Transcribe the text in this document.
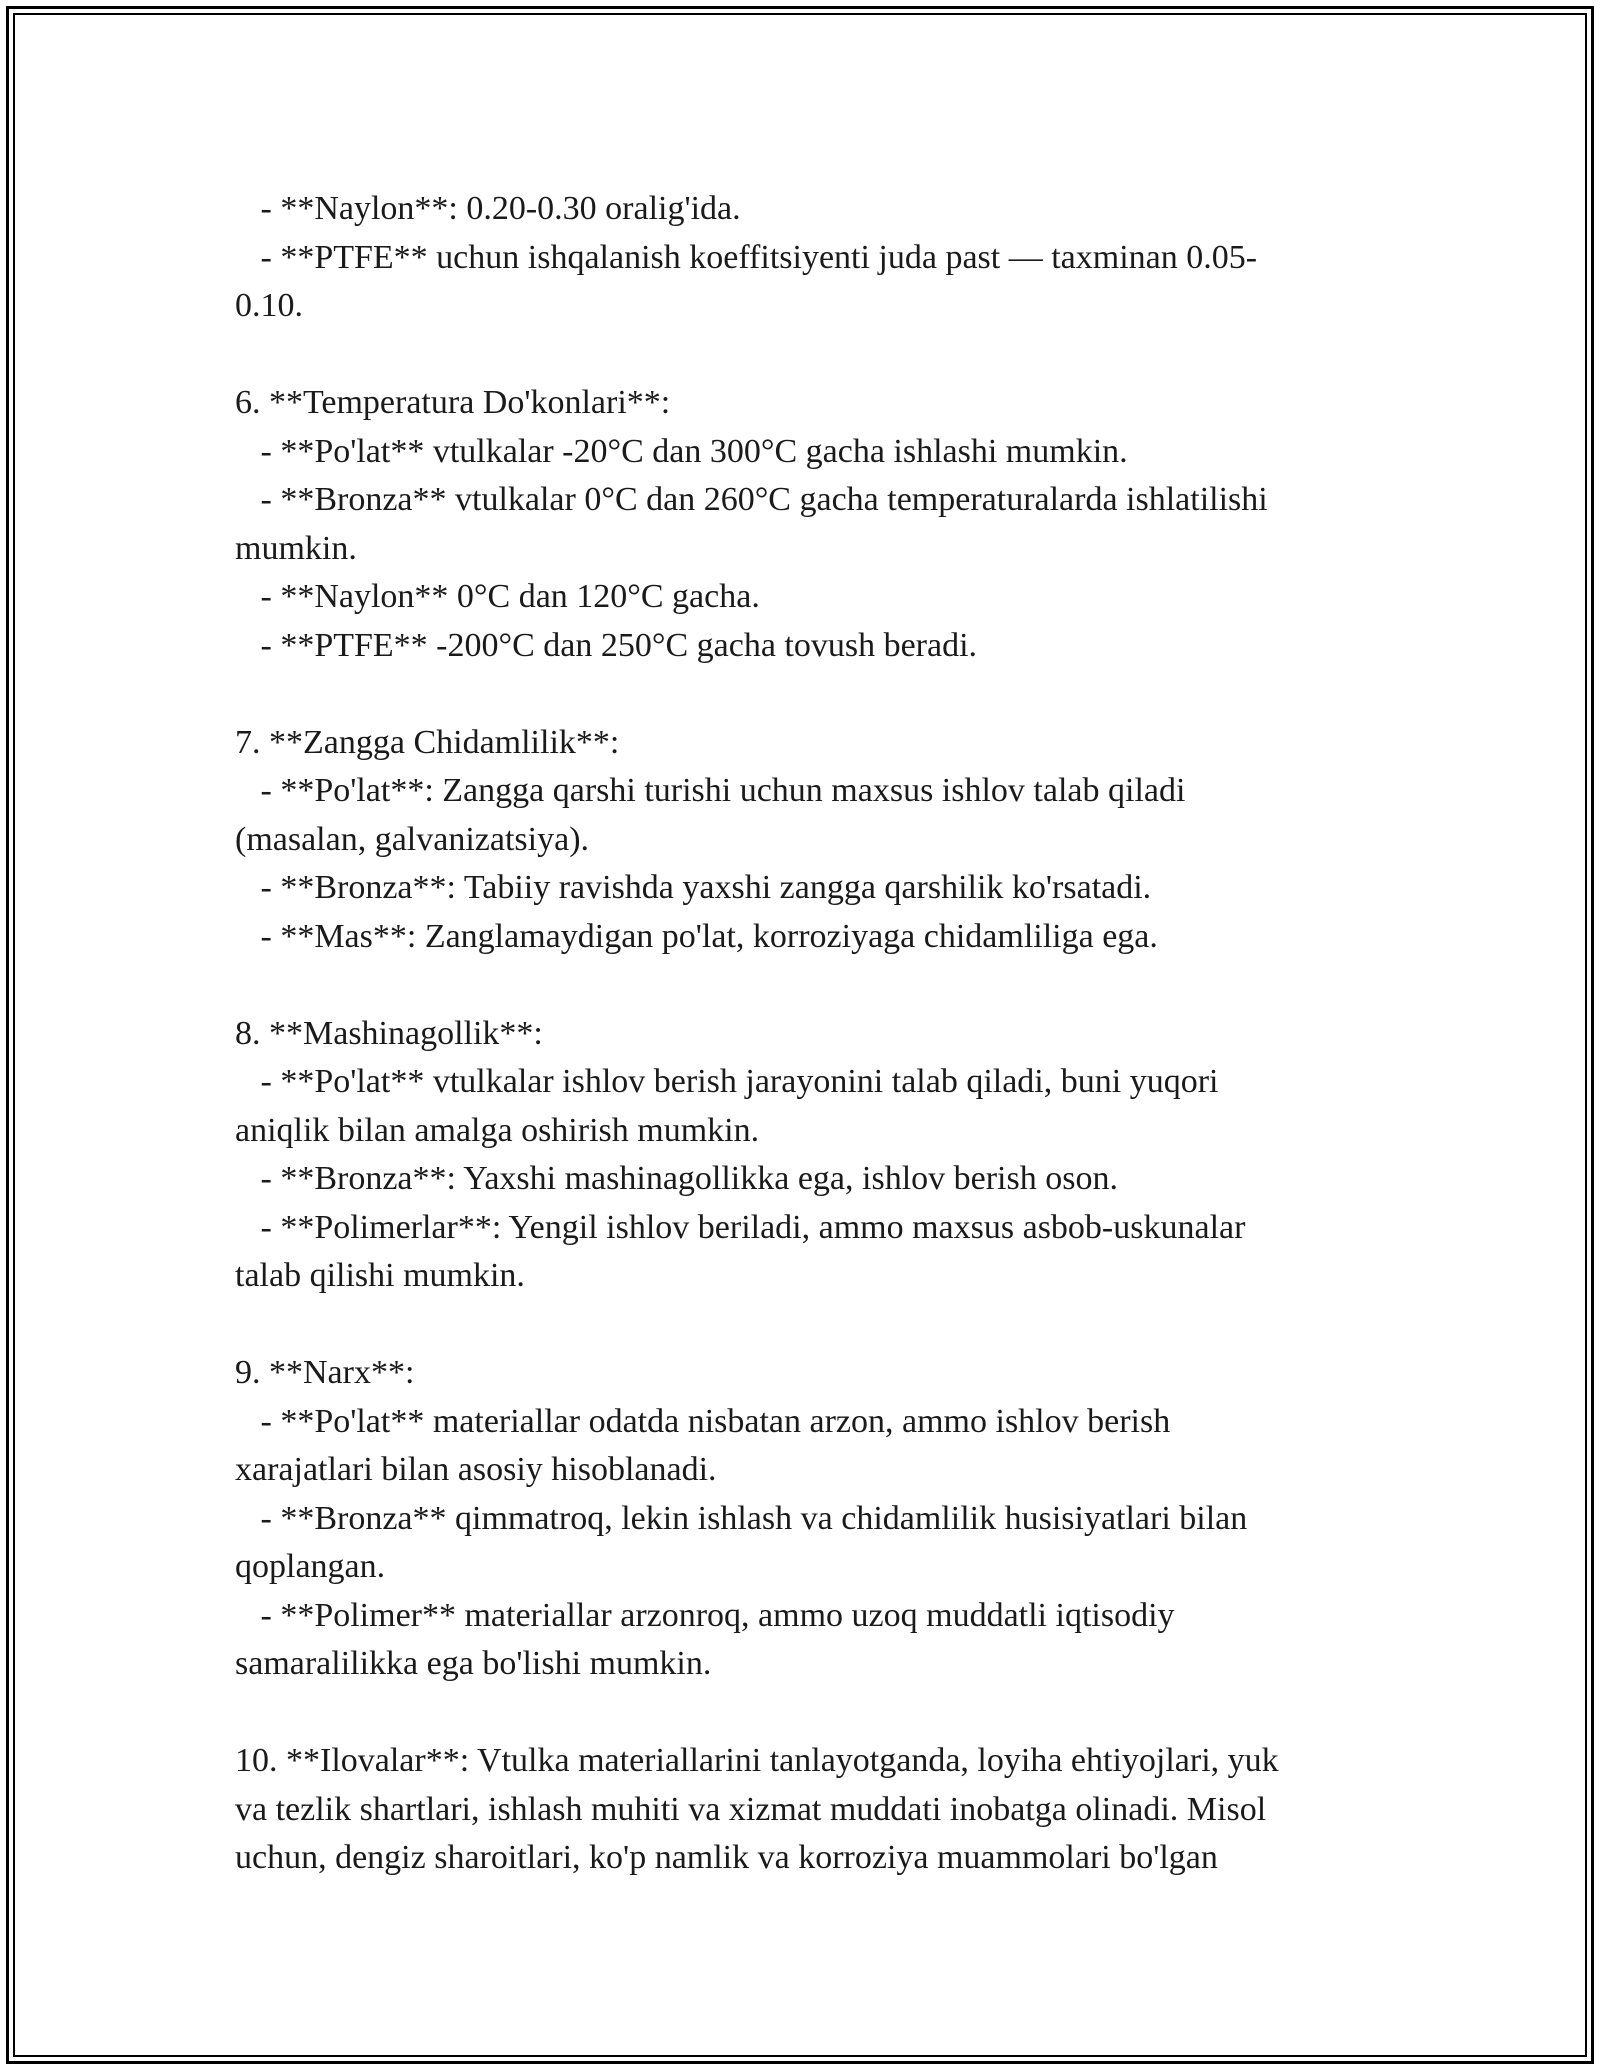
- **Naylon**: 0.20-0.30 oralig'ida.
- **PTFE** uchun ishqalanish koeffitsiyenti juda past — taxminan 0.05-
0.10.
6. **Temperatura Do'konlari**:
- **Po'lat** vtulkalar -20°C dan 300°C gacha ishlashi mumkin.
- **Bronza** vtulkalar 0°C dan 260°C gacha temperaturalarda ishlatilishi
mumkin.
- **Naylon** 0°C dan 120°C gacha.
- **PTFE** -200°C dan 250°C gacha tovush beradi.
7. **Zangga Chidamlilik**:
- **Po'lat**: Zangga qarshi turishi uchun maxsus ishlov talab qiladi
(masalan, galvanizatsiya).
- **Bronza**: Tabiiy ravishda yaxshi zangga qarshilik ko'rsatadi.
- **Mas**: Zanglamaydigan po'lat, korroziyaga chidamliliga ega.
8. **Mashinagollik**:
- **Po'lat** vtulkalar ishlov berish jarayonini talab qiladi, buni yuqori
aniqlik bilan amalga oshirish mumkin.
- **Bronza**: Yaxshi mashinagollikka ega, ishlov berish oson.
- **Polimerlar**: Yengil ishlov beriladi, ammo maxsus asbob-uskunalar
talab qilishi mumkin.
9. **Narx**:
- **Po'lat** materiallar odatda nisbatan arzon, ammo ishlov berish
xarajatlari bilan asosiy hisoblanadi.
- **Bronza** qimmatroq, lekin ishlash va chidamlilik husisiyatlari bilan
qoplangan.
- **Polimer** materiallar arzonroq, ammo uzoq muddatli iqtisodiy
samaralilikka ega bo'lishi mumkin.
10. **Ilovalar**: Vtulka materiallarini tanlayotganda, loyiha ehtiyojlari, yuk
va tezlik shartlari, ishlash muhiti va xizmat muddati inobatga olinadi. Misol
uchun, dengiz sharoitlari, ko'p namlik va korroziya muammolari bo'lgan
